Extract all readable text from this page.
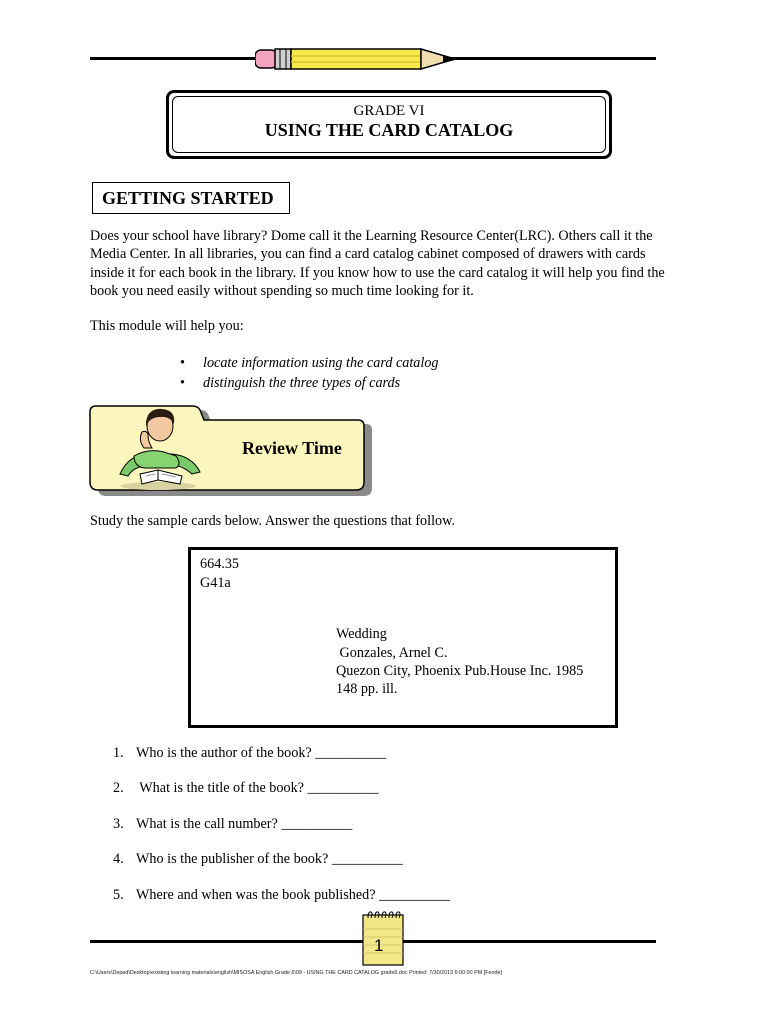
GRADE VI
USING THE CARD CATALOG
GETTING STARTED

Does your school have library? Dome call it the Learning Resource Center(LRC). Others call it the Media Center. In all libraries, you can find a card catalog cabinet composed of drawers with cards inside it for each book in the library. If you know how to use the card catalog it will help you find the book you need easily without spending so much time looking for it.

This module will help you:

• locate information using the card catalog
• distinguish the three types of cards
Review Time

Study the sample cards below. Answer the questions that follow.

664.35
G41a
Wedding
Gonzales, Arnel C.
Quezon City, Phoenix Pub.House Inc. 1985
148 pp. ill.
1. Who is the author of the book? __________
2. What is the title of the book? __________
3. What is the call number? __________
4. Who is the publisher of the book? __________
5. Where and when was the book published? __________
1
C:\Users\Deped\Desktop\existing learning materials\english\MISOSA English Grade 6\09 - USING THE CARD CATALOG grade6.doc Printed: 7/30/2013 6:00:00 PM [Fende]
